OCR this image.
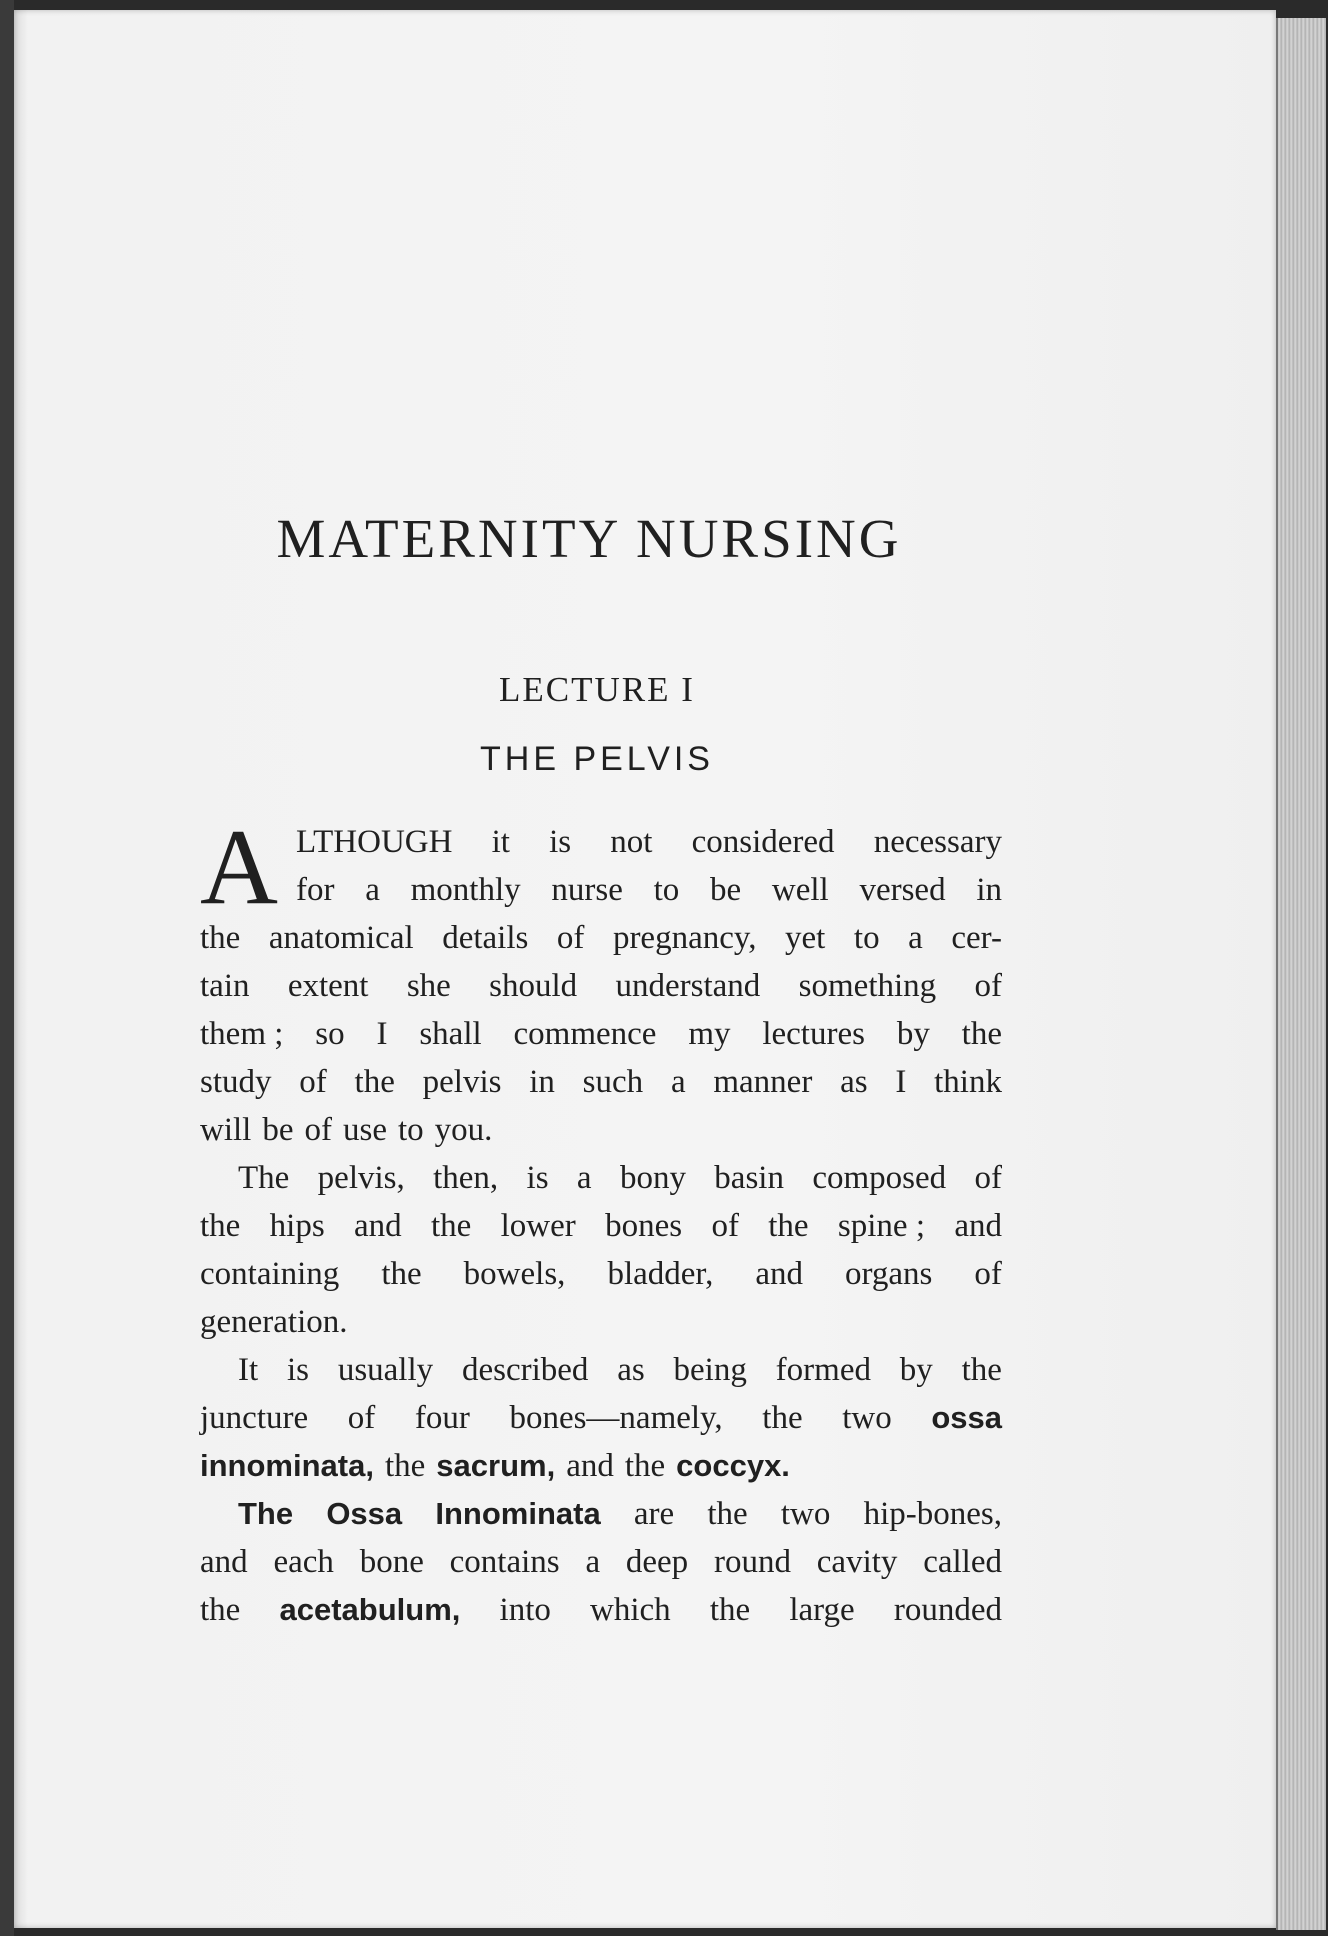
MATERNITY NURSING
LECTURE I
THE PELVIS
A LTHOUGH it is not considered necessary
for a monthly nurse to be well versed in
the anatomical details of pregnancy, yet to a cer-
tain extent she should understand something of
them ; so I shall commence my lectures by the
study of the pelvis in such a manner as I think
will be of use to you.
The pelvis, then, is a bony basin composed of
the hips and the lower bones of the spine ; and
containing the bowels, bladder, and organs of
generation.
It is usually described as being formed by the
juncture of four bones—namely, the two ossa
innominata, the sacrum, and the coccyx.
The Ossa Innominata are the two hip-bones,
and each bone contains a deep round cavity called
the acetabulum, into which the large rounded
